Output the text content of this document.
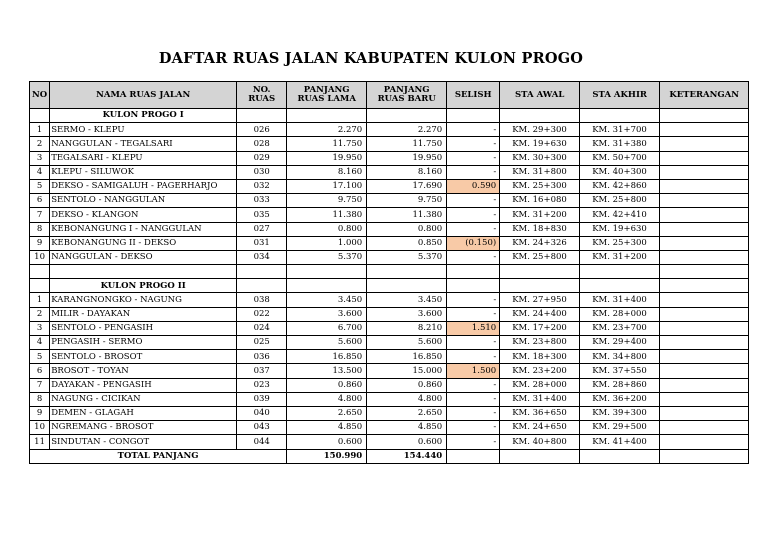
DAFTAR RUAS JALAN KABUPATEN KULON PROGO
NO	NAMA RUAS JALAN	NO. RUAS	PANJANG RUAS LAMA	PANJANG RUAS BARU	SELISH	STA AWAL	STA AKHIR	KETERANGAN
	KULON PROGO I							
1	SERMO - KLEPU	026	2.270	2.270	-	KM. 29+300	KM. 31+700	
2	NANGGULAN - TEGALSARI	028	11.750	11.750	-	KM. 19+630	KM. 31+380	
3	TEGALSARI - KLEPU	029	19.950	19.950	-	KM. 30+300	KM. 50+700	
4	KLEPU - SILUWOK	030	8.160	8.160	-	KM. 31+800	KM. 40+300	
5	DEKSO - SAMIGALUH - PAGERHARJO	032	17.100	17.690	0.590	KM. 25+300	KM. 42+860	
6	SENTOLO - NANGGULAN	033	9.750	9.750	-	KM. 16+080	KM. 25+800	
7	DEKSO - KLANGON	035	11.380	11.380	-	KM. 31+200	KM. 42+410	
8	KEBONANGUNG I - NANGGULAN	027	0.800	0.800	-	KM. 18+830	KM. 19+630	
9	KEBONANGUNG II - DEKSO	031	1.000	0.850	(0.150)	KM. 24+326	KM. 25+300	
10	NANGGULAN - DEKSO	034	5.370	5.370	-	KM. 25+800	KM. 31+200	

	KULON PROGO II							
1	KARANGNONGKO - NAGUNG	038	3.450	3.450	-	KM. 27+950	KM. 31+400	
2	MILIR - DAYAKAN	022	3.600	3.600	-	KM. 24+400	KM. 28+000	
3	SENTOLO - PENGASIH	024	6.700	8.210	1.510	KM. 17+200	KM. 23+700	
4	PENGASIH - SERMO	025	5.600	5.600	-	KM. 23+800	KM. 29+400	
5	SENTOLO - BROSOT	036	16.850	16.850	-	KM. 18+300	KM. 34+800	
6	BROSOT - TOYAN	037	13.500	15.000	1.500	KM. 23+200	KM. 37+550	
7	DAYAKAN - PENGASIH	023	0.860	0.860	-	KM. 28+000	KM. 28+860	
8	NAGUNG - CICIKAN	039	4.800	4.800	-	KM. 31+400	KM. 36+200	
9	DEMEN - GLAGAH	040	2.650	2.650	-	KM. 36+650	KM. 39+300	
10	NGREMANG - BROSOT	043	4.850	4.850	-	KM. 24+650	KM. 29+500	
11	SINDUTAN - CONGOT	044	0.600	0.600	-	KM. 40+800	KM. 41+400	
TOTAL PANJANG			150.990	154.440				
